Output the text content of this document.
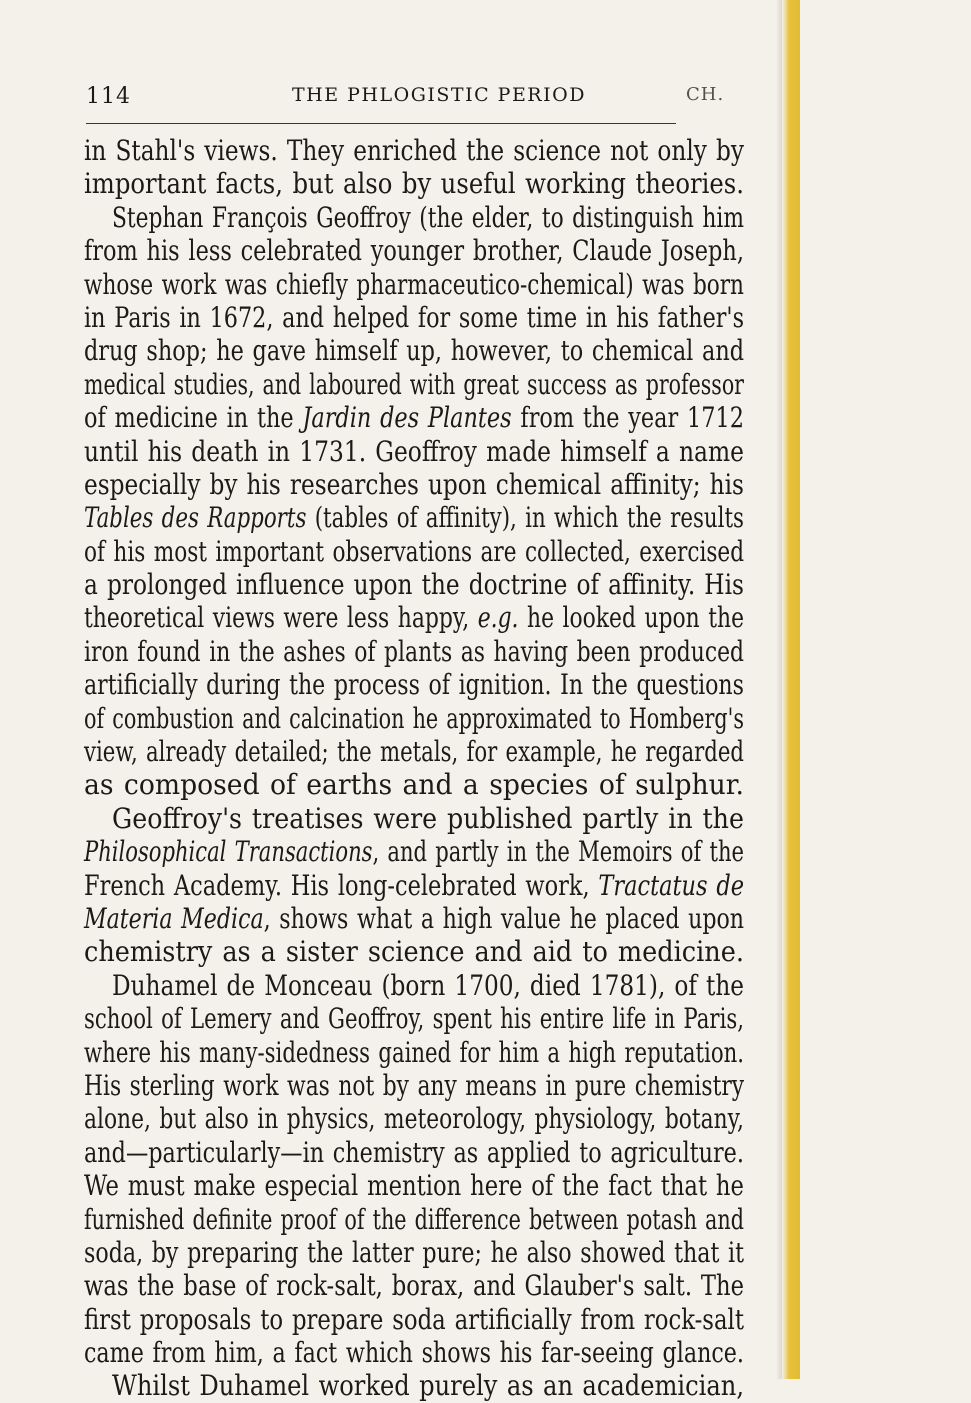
114	THE PHLOGISTIC PERIOD	CH.
in Stahl's views. They enriched the science not only by
important facts, but also by useful working theories.
Stephan François Geoffroy (the elder, to distinguish him
from his less celebrated younger brother, Claude Joseph,
whose work was chiefly pharmaceutico-chemical) was born
in Paris in 1672, and helped for some time in his father's
drug shop; he gave himself up, however, to chemical and
medical studies, and laboured with great success as professor
of medicine in the Jardin des Plantes from the year 1712
until his death in 1731. Geoffroy made himself a name
especially by his researches upon chemical affinity; his
Tables des Rapports (tables of affinity), in which the results
of his most important observations are collected, exercised
a prolonged influence upon the doctrine of affinity. His
theoretical views were less happy, e.g. he looked upon the
iron found in the ashes of plants as having been produced
artificially during the process of ignition. In the questions
of combustion and calcination he approximated to Homberg's
view, already detailed; the metals, for example, he regarded
as composed of earths and a species of sulphur.
Geoffroy's treatises were published partly in the
Philosophical Transactions, and partly in the Memoirs of the
French Academy. His long-celebrated work, Tractatus de
Materia Medica, shows what a high value he placed upon
chemistry as a sister science and aid to medicine.
Duhamel de Monceau (born 1700, died 1781), of the
school of Lemery and Geoffroy, spent his entire life in Paris,
where his many-sidedness gained for him a high reputation.
His sterling work was not by any means in pure chemistry
alone, but also in physics, meteorology, physiology, botany,
and—particularly—in chemistry as applied to agriculture.
We must make especial mention here of the fact that he
furnished definite proof of the difference between potash and
soda, by preparing the latter pure; he also showed that it
was the base of rock-salt, borax, and Glauber's salt. The
first proposals to prepare soda artificially from rock-salt
came from him, a fact which shows his far-seeing glance.
Whilst Duhamel worked purely as an academician,
